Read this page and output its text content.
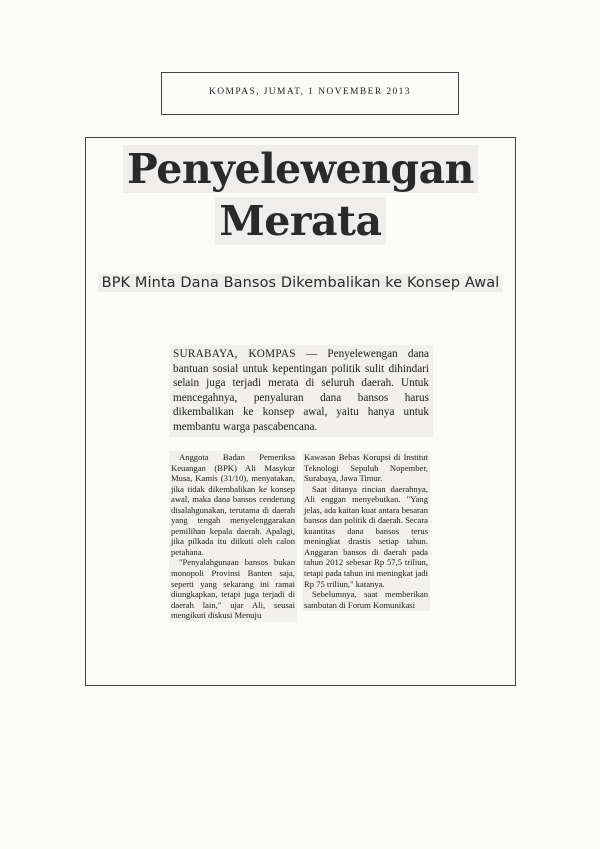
KOMPAS, JUMAT, 1 NOVEMBER 2013
Penyelewengan
Merata
BPK Minta Dana Bansos Dikembalikan ke Konsep Awal
SURABAYA, KOMPAS — Penyelewengan dana bantuan sosial untuk kepentingan politik sulit dihindari selain juga terjadi merata di seluruh daerah. Untuk mencegahnya, penyaluran dana bansos harus dikembalikan ke konsep awal, yaitu hanya untuk membantu warga pascabencana.

Anggota Badan Pemeriksa Keuangan (BPK) Ali Masykur Musa, Kamis (31/10), menyatakan, jika tidak dikembalikan ke konsep awal, maka dana bansos cenderung disalahgunakan, terutama di daerah yang tengah menyelenggarakan pemilihan kepala daerah. Apalagi, jika pilkada itu diikuti oleh calon petahana.

"Penyalahgunaan bansos bukan monopoli Provinsi Banten saja, seperti yang sekarang ini ramai diungkapkan, tetapi juga terjadi di daerah lain," ujar Ali, seusai mengikuti diskusi Menuju

Kawasan Bebas Korupsi di Institut Teknologi Sepuluh Nopember, Surabaya, Jawa Timur.

Saat ditanya rincian daerahnya, Ali enggan menyebutkan. "Yang jelas, ada kaitan kuat antara besaran bansos dan politik di daerah. Secara kuantitas dana bansos terus meningkat drastis setiap tahun. Anggaran bansos di daerah pada tahun 2012 sebesar Rp 57,5 triliun, tetapi pada tahun ini meningkat jadi Rp 75 triliun," katanya.

Sebelumnya, saat memberikan sambutan di Forum Komunikasi
